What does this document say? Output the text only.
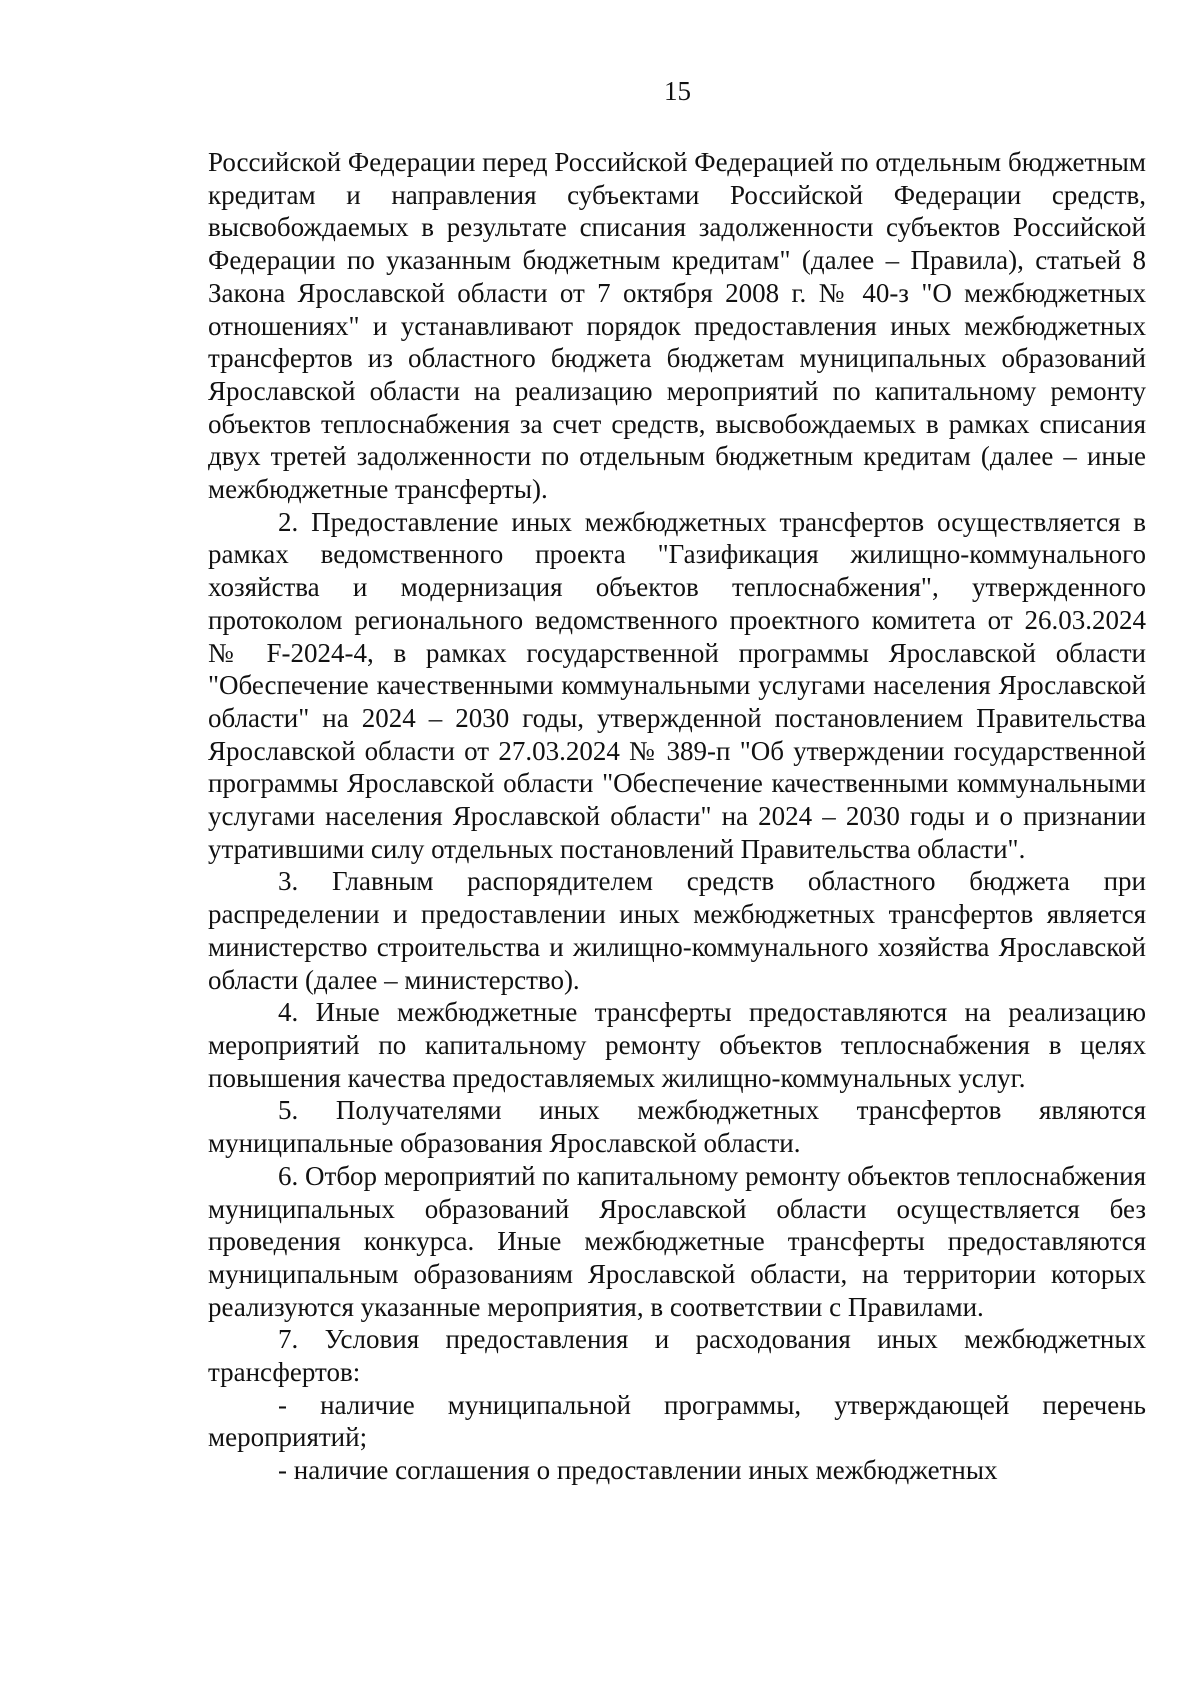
15

Российской Федерации перед Российской Федерацией по отдельным бюджетным кредитам и направления субъектами Российской Федерации средств, высвобождаемых в результате списания задолженности субъектов Российской Федерации по указанным бюджетным кредитам" (далее – Правила), статьей 8 Закона Ярославской области от 7 октября 2008 г. № 40-з "О межбюджетных отношениях" и устанавливают порядок предоставления иных межбюджетных трансфертов из областного бюджета бюджетам муниципальных образований Ярославской области на реализацию мероприятий по капитальному ремонту объектов теплоснабжения за счет средств, высвобождаемых в рамках списания двух третей задолженности по отдельным бюджетным кредитам (далее – иные межбюджетные трансферты).

2. Предоставление иных межбюджетных трансфертов осуществляется в рамках ведомственного проекта "Газификация жилищно-коммунального хозяйства и модернизация объектов теплоснабжения", утвержденного протоколом регионального ведомственного проектного комитета от 26.03.2024 № F-2024-4, в рамках государственной программы Ярославской области "Обеспечение качественными коммунальными услугами населения Ярославской области" на 2024 – 2030 годы, утвержденной постановлением Правительства Ярославской области от 27.03.2024 № 389-п "Об утверждении государственной программы Ярославской области "Обеспечение качественными коммунальными услугами населения Ярославской области" на 2024 – 2030 годы и о признании утратившими силу отдельных постановлений Правительства области".

3. Главным распорядителем средств областного бюджета при распределении и предоставлении иных межбюджетных трансфертов является министерство строительства и жилищно-коммунального хозяйства Ярославской области (далее – министерство).

4. Иные межбюджетные трансферты предоставляются на реализацию мероприятий по капитальному ремонту объектов теплоснабжения в целях повышения качества предоставляемых жилищно-коммунальных услуг.

5. Получателями иных межбюджетных трансфертов являются муниципальные образования Ярославской области.

6. Отбор мероприятий по капитальному ремонту объектов теплоснабжения муниципальных образований Ярославской области осуществляется без проведения конкурса. Иные межбюджетные трансферты предоставляются муниципальным образованиям Ярославской области, на территории которых реализуются указанные мероприятия, в соответствии с Правилами.

7. Условия предоставления и расходования иных межбюджетных трансфертов:

- наличие муниципальной программы, утверждающей перечень мероприятий;

- наличие соглашения о предоставлении иных межбюджетных
